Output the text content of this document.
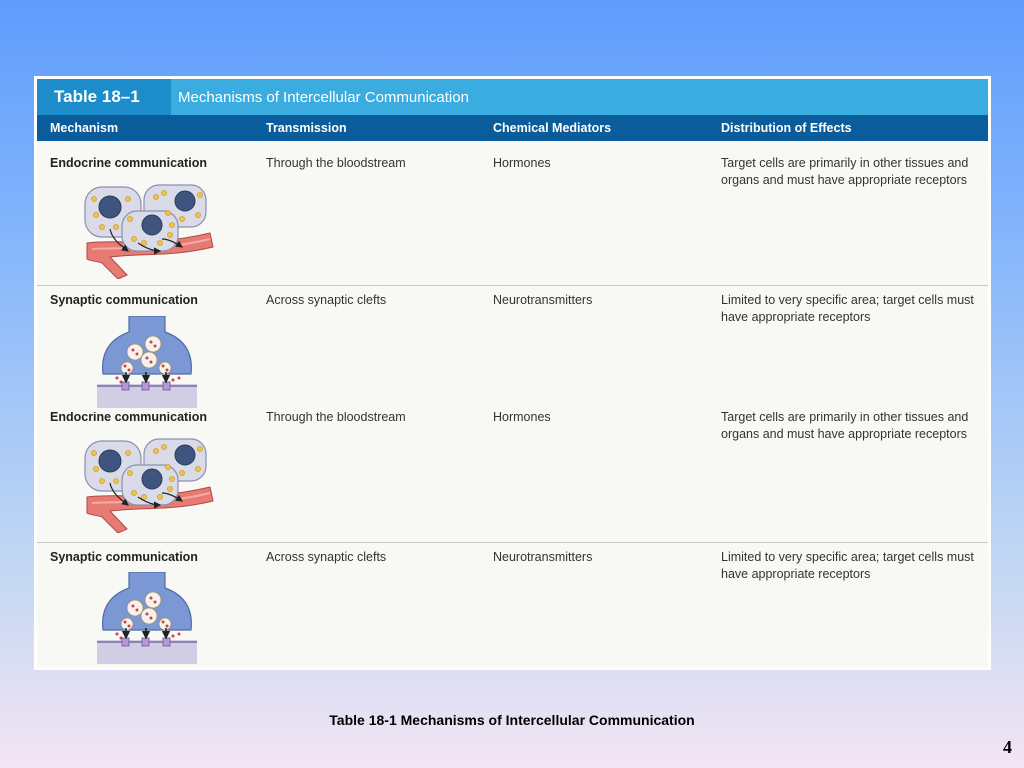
Table 18–1	Mechanisms of Intercellular Communication
Mechanism	Transmission	Chemical Mediators	Distribution of Effects
Endocrine communication	Through the bloodstream	Hormones	Target cells are primarily in other tissues and organs and must have appropriate receptors
Synaptic communication	Across synaptic clefts	Neurotransmitters	Limited to very specific area; target cells must have appropriate receptors
Endocrine communication	Through the bloodstream	Hormones	Target cells are primarily in other tissues and organs and must have appropriate receptors
Synaptic communication	Across synaptic clefts	Neurotransmitters	Limited to very specific area; target cells must have appropriate receptors
Table 18-1 Mechanisms of Intercellular Communication
4
